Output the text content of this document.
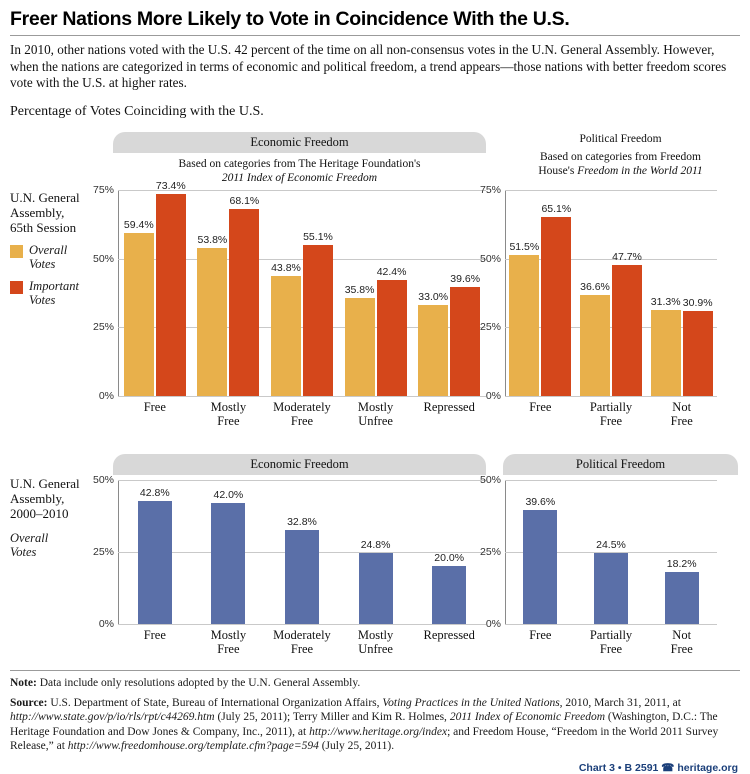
Freer Nations More Likely to Vote in Coincidence With the U.S.
In 2010, other nations voted with the U.S. 42 percent of the time on all non-consensus votes in the U.N. General Assembly. However, when the nations are categorized in terms of economic and political freedom, a trend appears—those nations with better freedom scores vote with the U.S. at higher rates.
Percentage of Votes Coinciding with the U.S.
Economic Freedom
Based on categories from The Heritage Foundation's
2011 Index of Economic Freedom
Political Freedom
Based on categories from Freedom
House's Freedom in the World 2011
U.N. General Assembly,
65th Session
Overall
Votes
Important
Votes
0%
25%
50%
75%
59.4%
73.4%
53.8%
68.1%
43.8%
55.1%
35.8%
42.4%
33.0%
39.6%
Free	Mostly
Free
Moderately
Free
Mostly
Unfree
Repressed
0%
25%
50%
75%
51.5%
65.1%
36.6%
47.7%
31.3% 30.9%
Free	Partially
Free
Not
Free
Economic Freedom	Political Freedom
U.N. General Assembly,
2000–2010
Overall
Votes
0%
25%
50%
42.8%	42.0%
32.8%
24.8%
20.0%
Free	Mostly
Free
Moderately
Free
Mostly
Unfree
Repressed
0%
25%
50%
39.6%
24.5%
18.2%
Free	Partially
Free
Not
Free
Note: Data include only resolutions adopted by the U.N. General Assembly.
Source: U.S. Department of State, Bureau of International Organization Affairs, Voting Practices in the United Nations, 2010, March 31, 2011, at http://www.state.gov/p/io/rls/rpt/c44269.htm (July 25, 2011); Terry Miller and Kim R. Holmes, 2011 Index of Economic Freedom (Washington, D.C.: The Heritage Foundation and Dow Jones & Company, Inc., 2011), at http://www.heritage.org/index; and Freedom House, “Freedom in the World 2011 Survey Release,” at http://www.freedomhouse.org/template.cfm?page=594 (July 25, 2011).
Chart 3 • B 2591 ☎ heritage.org
